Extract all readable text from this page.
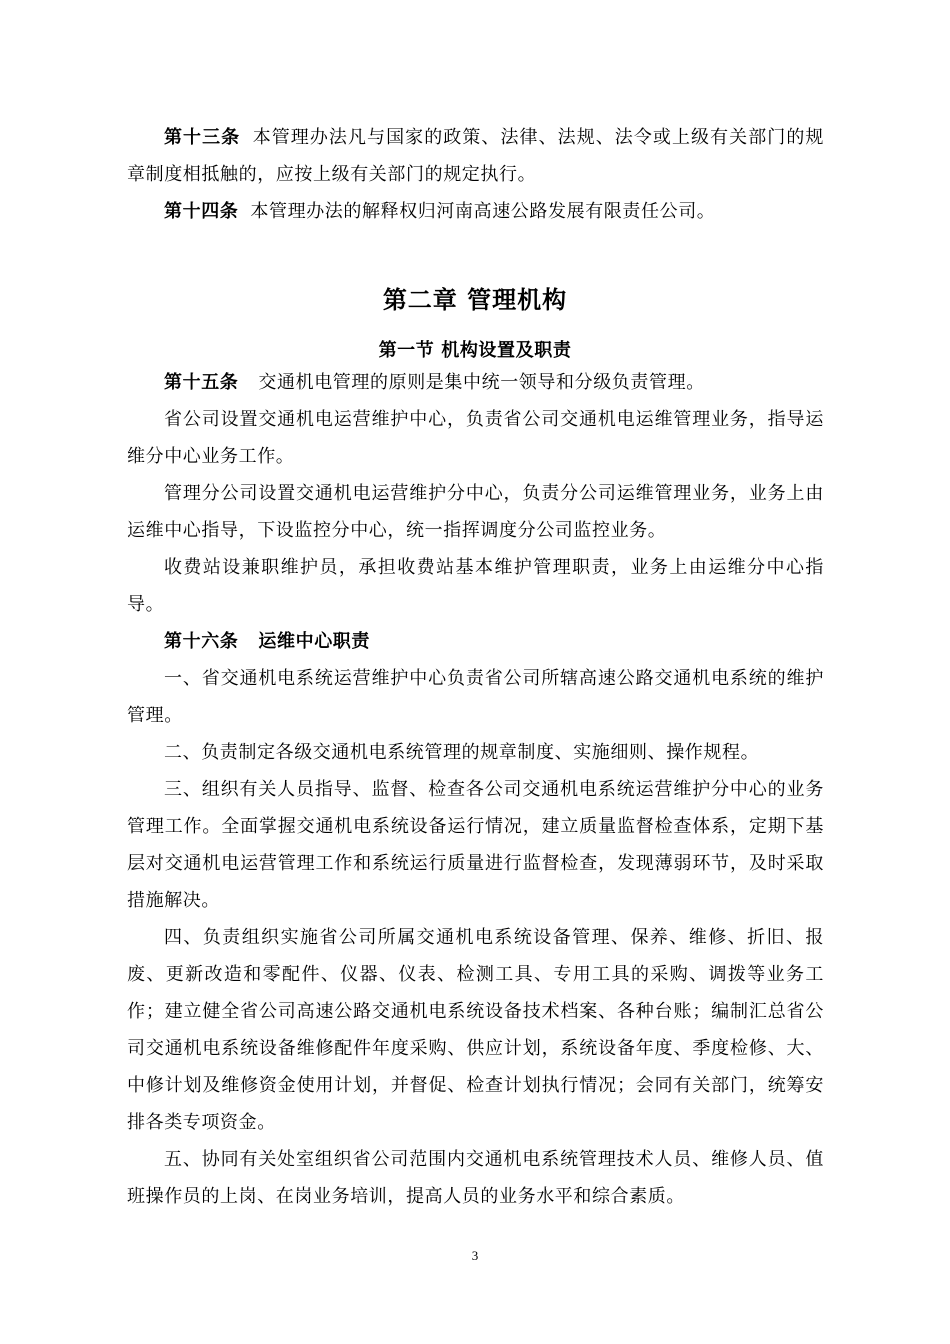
第十三条 本管理办法凡与国家的政策、法律、法规、法令或上级有关部门的规章制度相抵触的，应按上级有关部门的规定执行。

第十四条 本管理办法的解释权归河南高速公路发展有限责任公司。

第二章 管理机构
第一节 机构设置及职责

第十五条 交通机电管理的原则是集中统一领导和分级负责管理。

省公司设置交通机电运营维护中心，负责省公司交通机电运维管理业务，指导运维分中心业务工作。

管理分公司设置交通机电运营维护分中心，负责分公司运维管理业务，业务上由运维中心指导，下设监控分中心，统一指挥调度分公司监控业务。

收费站设兼职维护员，承担收费站基本维护管理职责，业务上由运维分中心指导。

第十六条 运维中心职责

一、省交通机电系统运营维护中心负责省公司所辖高速公路交通机电系统的维护管理。

二、负责制定各级交通机电系统管理的规章制度、实施细则、操作规程。

三、组织有关人员指导、监督、检查各公司交通机电系统运营维护分中心的业务管理工作。全面掌握交通机电系统设备运行情况，建立质量监督检查体系，定期下基层对交通机电运营管理工作和系统运行质量进行监督检查，发现薄弱环节，及时采取措施解决。

四、负责组织实施省公司所属交通机电系统设备管理、保养、维修、折旧、报废、更新改造和零配件、仪器、仪表、检测工具、专用工具的采购、调拨等业务工作；建立健全省公司高速公路交通机电系统设备技术档案、各种台账；编制汇总省公司交通机电系统设备维修配件年度采购、供应计划，系统设备年度、季度检修、大、中修计划及维修资金使用计划，并督促、检查计划执行情况；会同有关部门，统筹安排各类专项资金。

五、协同有关处室组织省公司范围内交通机电系统管理技术人员、维修人员、值班操作员的上岗、在岗业务培训，提高人员的业务水平和综合素质。

3
